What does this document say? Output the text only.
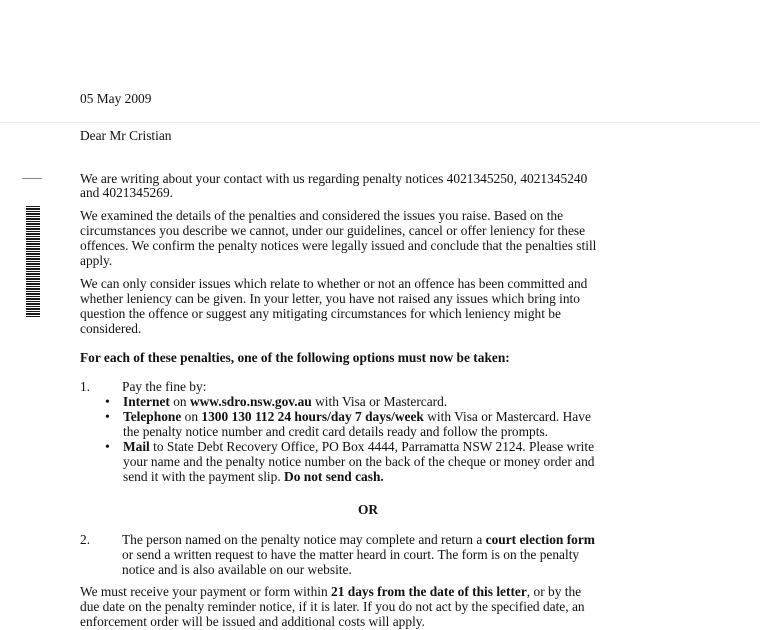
05 May 2009
Dear Mr Cristian
We are writing about your contact with us regarding penalty notices 4021345250, 4021345240
and 4021345269.
We examined the details of the penalties and considered the issues you raise. Based on the
circumstances you describe we cannot, under our guidelines, cancel or offer leniency for these
offences. We confirm the penalty notices were legally issued and conclude that the penalties still
apply.
We can only consider issues which relate to whether or not an offence has been committed and
whether leniency can be given. In your letter, you have not raised any issues which bring into
question the offence or suggest any mitigating circumstances for which leniency might be
considered.
For each of these penalties, one of the following options must now be taken:
1. Pay the fine by:
• Internet on www.sdro.nsw.gov.au with Visa or Mastercard.
• Telephone on 1300 130 112 24 hours/day 7 days/week with Visa or Mastercard. Have
the penalty notice number and credit card details ready and follow the prompts.
• Mail to State Debt Recovery Office, PO Box 4444, Parramatta NSW 2124. Please write
your name and the penalty notice number on the back of the cheque or money order and
send it with the payment slip. Do not send cash.
OR
2. The person named on the penalty notice may complete and return a court election form
or send a written request to have the matter heard in court. The form is on the penalty
notice and is also available on our website.
We must receive your payment or form within 21 days from the date of this letter, or by the
due date on the penalty reminder notice, if it is later. If you do not act by the specified date, an
enforcement order will be issued and additional costs will apply.
